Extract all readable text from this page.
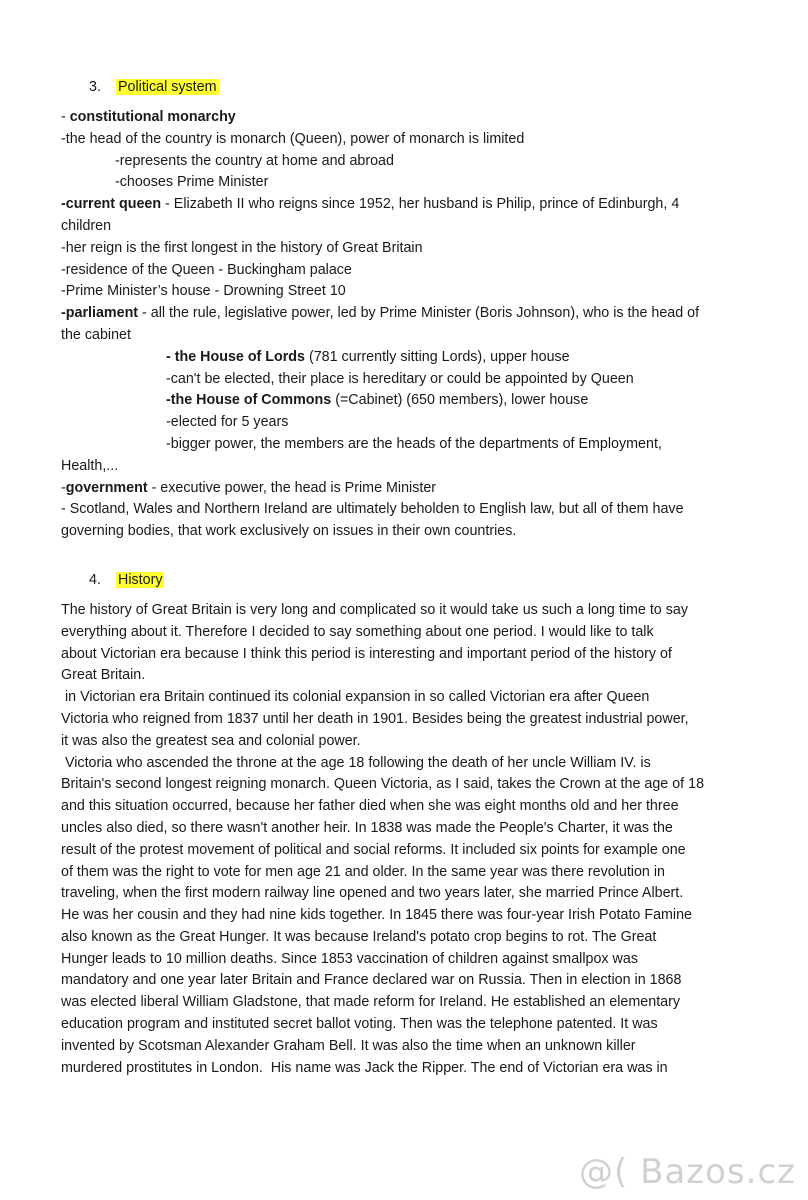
3. Political system
- constitutional monarchy
-the head of the country is monarch (Queen), power of monarch is limited
-represents the country at home and abroad
-chooses Prime Minister
-current queen - Elizabeth II who reigns since 1952, her husband is Philip, prince of Edinburgh, 4
children
-her reign is the first longest in the history of Great Britain
-residence of the Queen - Buckingham palace
-Prime Minister’s house - Drowning Street 10
-parliament - all the rule, legislative power, led by Prime Minister (Boris Johnson), who is the head of
the cabinet
- the House of Lords (781 currently sitting Lords), upper house
-can't be elected, their place is hereditary or could be appointed by Queen
-the House of Commons (=Cabinet) (650 members), lower house
-elected for 5 years
-bigger power, the members are the heads of the departments of Employment,
Health,...
-government - executive power, the head is Prime Minister
- Scotland, Wales and Northern Ireland are ultimately beholden to English law, but all of them have
governing bodies, that work exclusively on issues in their own countries.
4. History
The history of Great Britain is very long and complicated so it would take us such a long time to say
everything about it. Therefore I decided to say something about one period. I would like to talk
about Victorian era because I think this period is interesting and important period of the history of
Great Britain.
in Victorian era Britain continued its colonial expansion in so called Victorian era after Queen
Victoria who reigned from 1837 until her death in 1901. Besides being the greatest industrial power,
it was also the greatest sea and colonial power.
Victoria who ascended the throne at the age 18 following the death of her uncle William IV. is
Britain's second longest reigning monarch. Queen Victoria, as I said, takes the Crown at the age of 18
and this situation occurred, because her father died when she was eight months old and her three
uncles also died, so there wasn't another heir. In 1838 was made the People's Charter, it was the
result of the protest movement of political and social reforms. It included six points for example one
of them was the right to vote for men age 21 and older. In the same year was there revolution in
traveling, when the first modern railway line opened and two years later, she married Prince Albert.
He was her cousin and they had nine kids together. In 1845 there was four-year Irish Potato Famine
also known as the Great Hunger. It was because Ireland's potato crop begins to rot. The Great
Hunger leads to 10 million deaths. Since 1853 vaccination of children against smallpox was
mandatory and one year later Britain and France declared war on Russia. Then in election in 1868
was elected liberal William Gladstone, that made reform for Ireland. He established an elementary
education program and instituted secret ballot voting. Then was the telephone patented. It was
invented by Scotsman Alexander Graham Bell. It was also the time when an unknown killer
murdered prostitutes in London.  His name was Jack the Ripper. The end of Victorian era was in
@( Bazos.cz
